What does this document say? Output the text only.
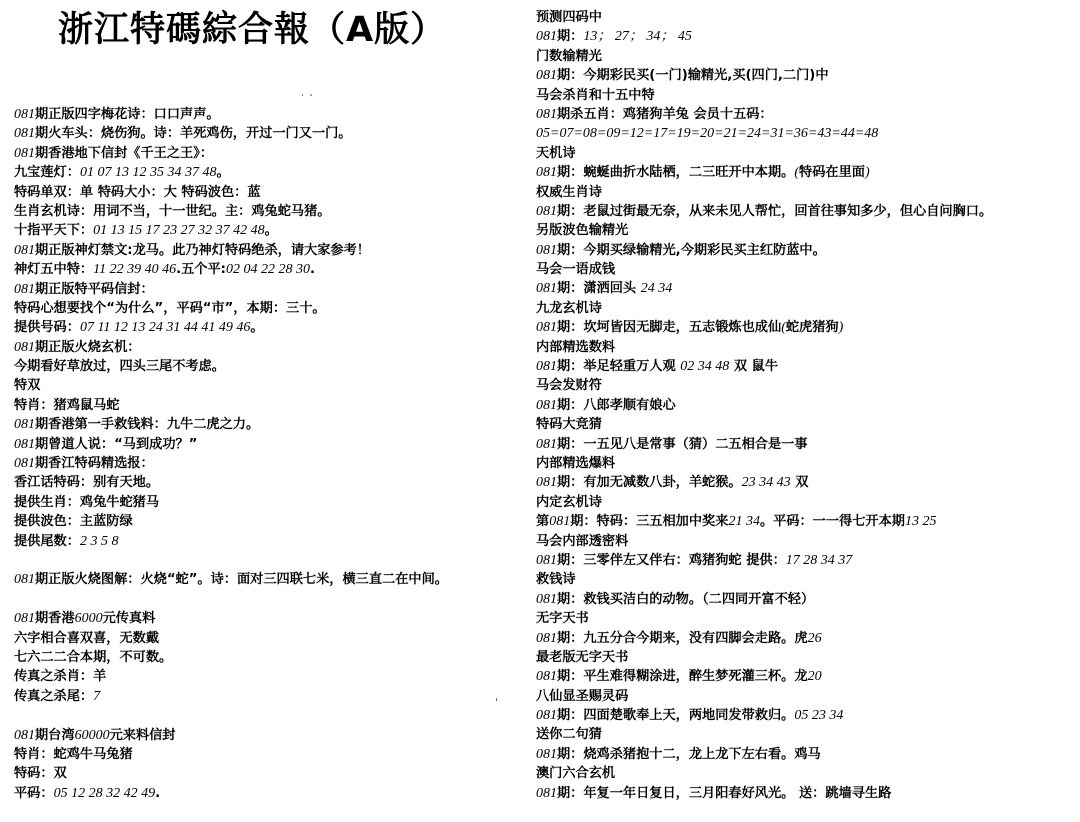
浙江特碼綜合報（A版）
081期正版四字梅花诗：口口声声。
081期火车头：烧伤狗。诗：羊死鸡伤，开过一门又一门。
081期香港地下信封《千王之王》：
九宝莲灯：01 07 13 12 35 34 37 48。
特码单双：单 特码大小：大 特码波色：蓝
生肖玄机诗：用词不当，十一世纪。主：鸡兔蛇马猪。
十指平天下：01 13 15 17 23 27 32 37 42 48。
081期正版神灯禁文:龙马。此乃神灯特码绝杀，请大家参考！
神灯五中特：11 22 39 40 46.五个平:02 04 22 28 30.
081期正版特平码信封：
特码心想要找个“为什么”，平码“市”，本期：三十。
提供号码：07 11 12 13 24 31 44 41 49 46。
081期正版火烧玄机：
今期看好草放过，四头三尾不考虑。
特双
特肖：猪鸡鼠马蛇
081期香港第一手救钱料：九牛二虎之力。
081期曾道人说：“马到成功？”
081期香江特码精选报：
香江话特码：别有天地。
提供生肖：鸡兔牛蛇猪马
提供波色：主蓝防绿
提供尾数：2 3 5 8
081期正版火烧图解：火烧“蛇”。诗：面对三四联七米，横三直二在中间。
081期香港6000元传真料
六字相合喜双喜，无数戴
七六二二合本期，不可数。
传真之杀肖：羊
传真之杀尾：7
081期台湾60000元来料信封
特肖：蛇鸡牛马兔猪
特码：双
平码：05 12 28 32 42 49.
预测四码中
081期：13； 27； 34； 45
门数输精光
081期：今期彩民买(一门)输精光,买(四门,二门)中
马会杀肖和十五中特
081期杀五肖：鸡猪狗羊兔 会员十五码：
05=07=08=09=12=17=19=20=21=24=31=36=43=44=48
天机诗
081期：蜿蜒曲折水陆栖，二三旺开中本期。(特码在里面)
权威生肖诗
081期：老鼠过街最无奈，从来未见人帮忙，回首往事知多少，但心自问胸口。
另版波色输精光
081期：今期买绿输精光,今期彩民买主红防蓝中。
马会一语成钱
081期：潇洒回头 24 34
九龙玄机诗
081期：坎坷皆因无脚走，五志锻炼也成仙(蛇虎猪狗)
内部精选数料
081期：举足轻重万人观 02 34 48 双 鼠牛
马会发财符
081期：八郎孝顺有娘心
特码大竞猜
081期：一五见八是常事（猜）二五相合是一事
内部精选爆料
081期：有加无减数八卦，羊蛇猴。23 34 43 双
内定玄机诗
第081期：特码：三五相加中奖来21 34。平码：一一得七开本期13 25
马会内部透密料
081期：三零伴左又伴右：鸡猪狗蛇 提供：17 28 34 37
救钱诗
081期：救钱买洁白的动物。（二四同开富不轻）
无字天书
081期：九五分合今期来，没有四脚会走路。虎26
最老版无字天书
081期：平生难得糊涂进，醉生梦死灌三杯。龙20
八仙显圣赐灵码
081期：四面楚歌奉上天，两地同发带救归。05 23 34
送你二句猜
081期：烧鸡杀猪抱十二，龙上龙下左右看。鸡马
澳门六合玄机
081期：年复一年日复日，三月阳春好风光。 送：跳墙寻生路
˙ ˊ
ˈ
